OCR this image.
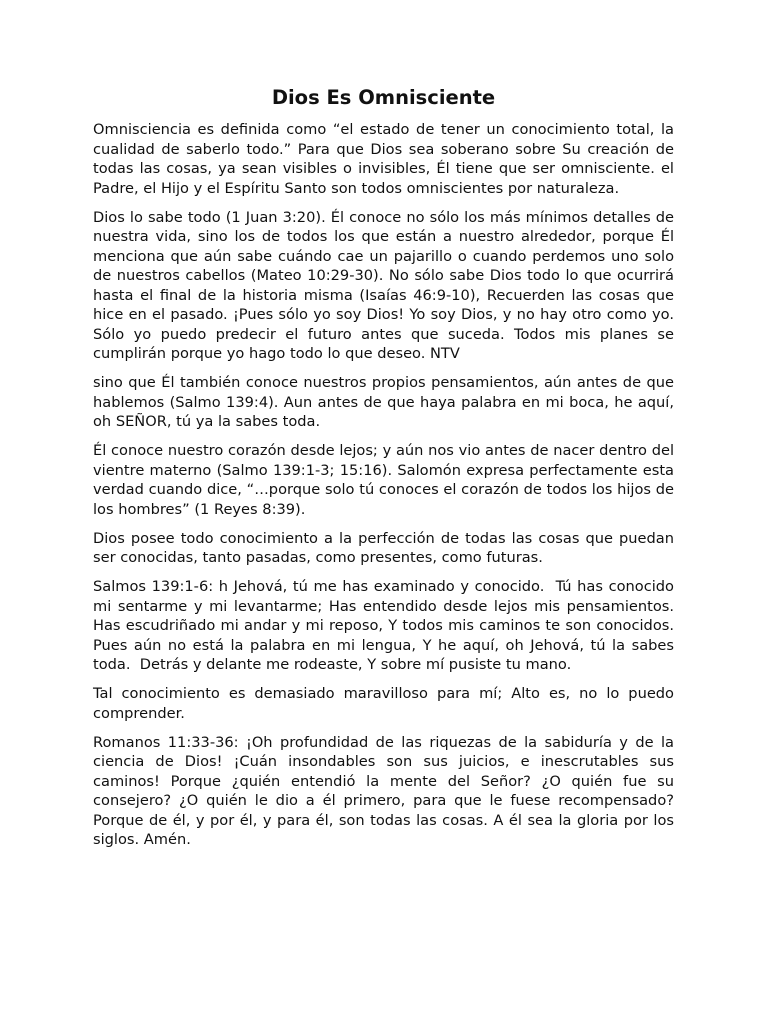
Dios Es Omnisciente

Omnisciencia es definida como “el estado de tener un conocimiento total, la cualidad de saberlo todo.” Para que Dios sea soberano sobre Su creación de todas las cosas, ya sean visibles o invisibles, Él tiene que ser omnisciente. el Padre, el Hijo y el Espíritu Santo son todos omniscientes por naturaleza.

Dios lo sabe todo (1 Juan 3:20). Él conoce no sólo los más mínimos detalles de nuestra vida, sino los de todos los que están a nuestro alrededor, porque Él menciona que aún sabe cuándo cae un pajarillo o cuando perdemos uno solo de nuestros cabellos (Mateo 10:29-30). No sólo sabe Dios todo lo que ocurrirá hasta el final de la historia misma (Isaías 46:9-10), Recuerden las cosas que hice en el pasado. ¡Pues sólo yo soy Dios! Yo soy Dios, y no hay otro como yo. Sólo yo puedo predecir el futuro antes que suceda. Todos mis planes se cumplirán porque yo hago todo lo que deseo. NTV

sino que Él también conoce nuestros propios pensamientos, aún antes de que hablemos (Salmo 139:4). Aun antes de que haya palabra en mi boca, he aquí, oh SEÑOR, tú ya la sabes toda.

Él conoce nuestro corazón desde lejos; y aún nos vio antes de nacer dentro del vientre materno (Salmo 139:1-3; 15:16). Salomón expresa perfectamente esta verdad cuando dice, “…porque solo tú conoces el corazón de todos los hijos de los hombres” (1 Reyes 8:39).

Dios posee todo conocimiento a la perfección de todas las cosas que puedan ser conocidas, tanto pasadas, como presentes, como futuras.

Salmos 139:1-6: h Jehová, tú me has examinado y conocido.  Tú has conocido mi sentarme y mi levantarme; Has entendido desde lejos mis pensamientos.  Has escudriñado mi andar y mi reposo, Y todos mis caminos te son conocidos.  Pues aún no está la palabra en mi lengua, Y he aquí, oh Jehová, tú la sabes toda.  Detrás y delante me rodeaste, Y sobre mí pusiste tu mano.

Tal conocimiento es demasiado maravilloso para mí; Alto es, no lo puedo comprender.

Romanos 11:33-36: ¡Oh profundidad de las riquezas de la sabiduría y de la ciencia de Dios! ¡Cuán insondables son sus juicios, e inescrutables sus caminos! Porque ¿quién entendió la mente del Señor? ¿O quién fue su consejero? ¿O quién le dio a él primero, para que le fuese recompensado? Porque de él, y por él, y para él, son todas las cosas. A él sea la gloria por los siglos. Amén.
